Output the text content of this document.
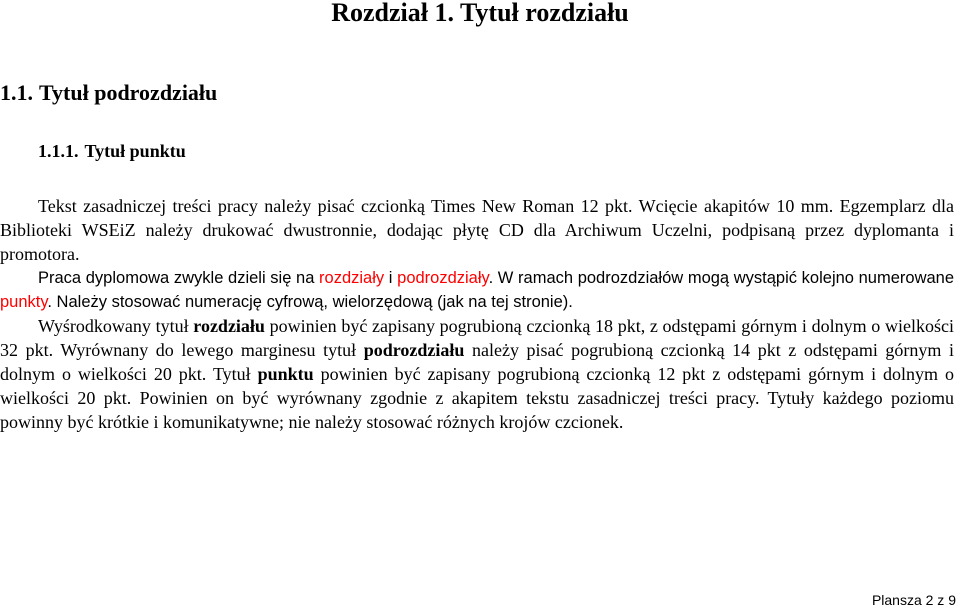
Rozdział 1. Tytuł rozdziału
1.1. Tytuł podrozdziału
1.1.1. Tytuł punktu

Tekst zasadniczej treści pracy należy pisać czcionką Times New Roman 12 pkt. Wcięcie akapitów 10 mm. Egzemplarz dla Biblioteki WSEiZ należy drukować dwustronnie, dodając płytę CD dla Archiwum Uczelni, podpisaną przez dyplomanta i promotora.

Praca dyplomowa zwykle dzieli się na rozdziały i podrozdziały. W ramach podrozdziałów mogą wystąpić kolejno numerowane punkty. Należy stosować numerację cyfrową, wielorzędową (jak na tej stronie).

Wyśrodkowany tytuł rozdziału powinien być zapisany pogrubioną czcionką 18 pkt, z odstępami górnym i dolnym o wielkości 32 pkt. Wyrównany do lewego marginesu tytuł podrozdziału należy pisać pogrubioną czcionką 14 pkt z odstępami górnym i dolnym o wielkości 20 pkt. Tytuł punktu powinien być zapisany pogrubioną czcionką 12 pkt z odstępami górnym i dolnym o wielkości 20 pkt. Powinien on być wyrównany zgodnie z akapitem tekstu zasadniczej treści pracy. Tytuły każdego poziomu powinny być krótkie i komunikatywne; nie należy stosować różnych krojów czcionek.

Plansza 2 z 9
